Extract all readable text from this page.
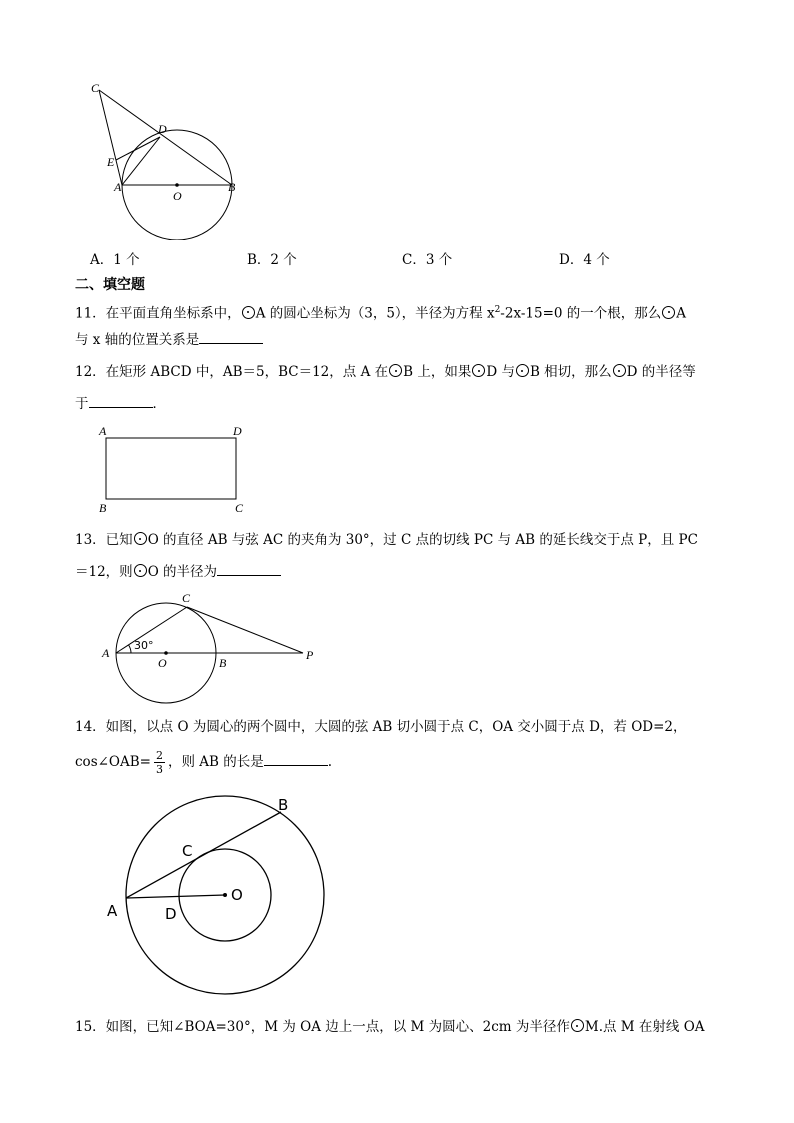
C
D
E
A
O
B
A．1 个	B．2 个	C．3 个	D．4 个
二、填空题
11．在平面直角坐标系中， A 的圆心坐标为（3，5），半径为方程 $x^2-2x-15=0$ 的一个根，那么 A
与 x 轴的位置关系是
12．在矩形 ABCD 中，AB＝5，BC＝12，点 A 在 B 上，如果 D 与 B 相切，那么 D 的半径等
于	．
A	D
B	C
13．已知 O 的直径 AB 与弦 AC 的夹角为 30°，过 C 点的切线 PC 与 AB 的延长线交于点 P，且 PC
＝12，则 O 的半径为
C
A
30°
O	B
P
14．如图，以点 O 为圆心的两个圆中，大圆的弦 AB 切小圆于点 C，OA 交小圆于点 D，若 OD=2，
cos∠OAB= $\frac{2}{3}$ ，则 AB 的长是	.
B
C
A	D
O
15．如图，已知∠BOA=30°，M 为 OA 边上一点，以 M 为圆心、2cm 为半径作 M.点 M 在射线 OA
